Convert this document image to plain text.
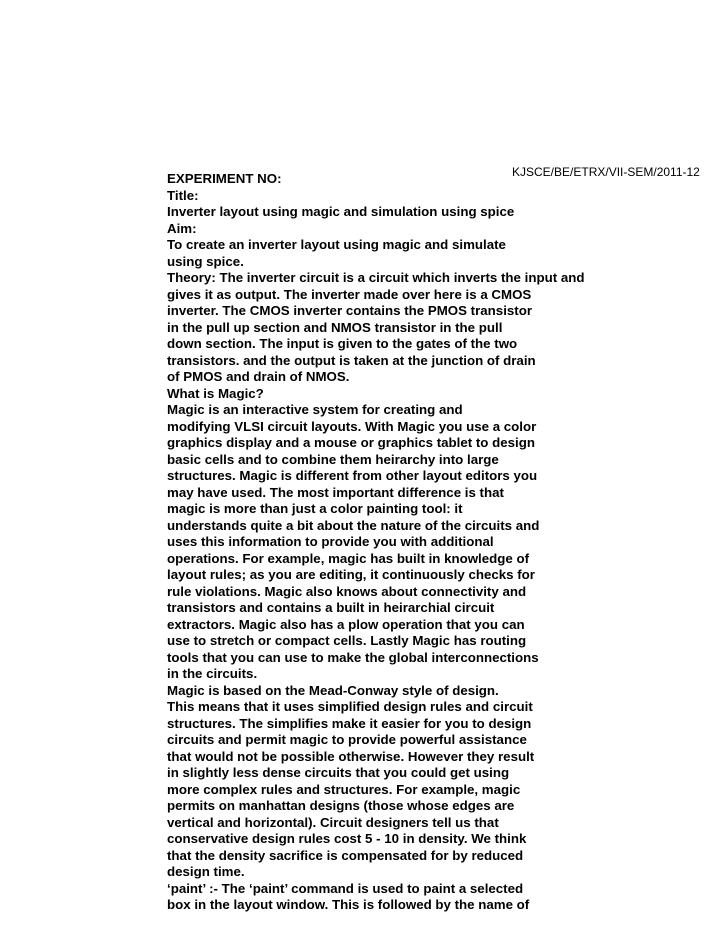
KJSCE/BE/ETRX/VII-SEM/2011-12
EXPERIMENT NO:
Title:
Inverter layout using magic and simulation using spice
Aim:
To create an inverter layout using magic and simulate
using spice.
Theory: The inverter circuit is a circuit which inverts the input and
gives it as output. The inverter made over here is a CMOS
inverter. The CMOS inverter contains the PMOS transistor
in the pull up section and NMOS transistor in the pull
down section. The input is given to the gates of the two
transistors. and the output is taken at the junction of drain
of PMOS and drain of NMOS.
What is Magic?
Magic is an interactive system for creating and
modifying VLSI circuit layouts. With Magic you use a color
graphics display and a mouse or graphics tablet to design
basic cells and to combine them heirarchy into large
structures. Magic is different from other layout editors you
may have used. The most important difference is that
magic is more than just a color painting tool: it
understands quite a bit about the nature of the circuits and
uses this information to provide you with additional
operations. For example, magic has built in knowledge of
layout rules; as you are editing, it continuously checks for
rule violations. Magic also knows about connectivity and
transistors and contains a built in heirarchial circuit
extractors. Magic also has a plow operation that you can
use to stretch or compact cells. Lastly Magic has routing
tools that you can use to make the global interconnections
in the circuits.
Magic is based on the Mead-Conway style of design.
This means that it uses simplified design rules and circuit
structures. The simplifies make it easier for you to design
circuits and permit magic to provide powerful assistance
that would not be possible otherwise. However they result
in slightly less dense circuits that you could get using
more complex rules and structures. For example, magic
permits on manhattan designs (those whose edges are
vertical and horizontal). Circuit designers tell us that
conservative design rules cost 5 - 10 in density. We think
that the density sacrifice is compensated for by reduced
design time.
‘paint’ :- The ‘paint’ command is used to paint a selected
box in the layout window. This is followed by the name of
